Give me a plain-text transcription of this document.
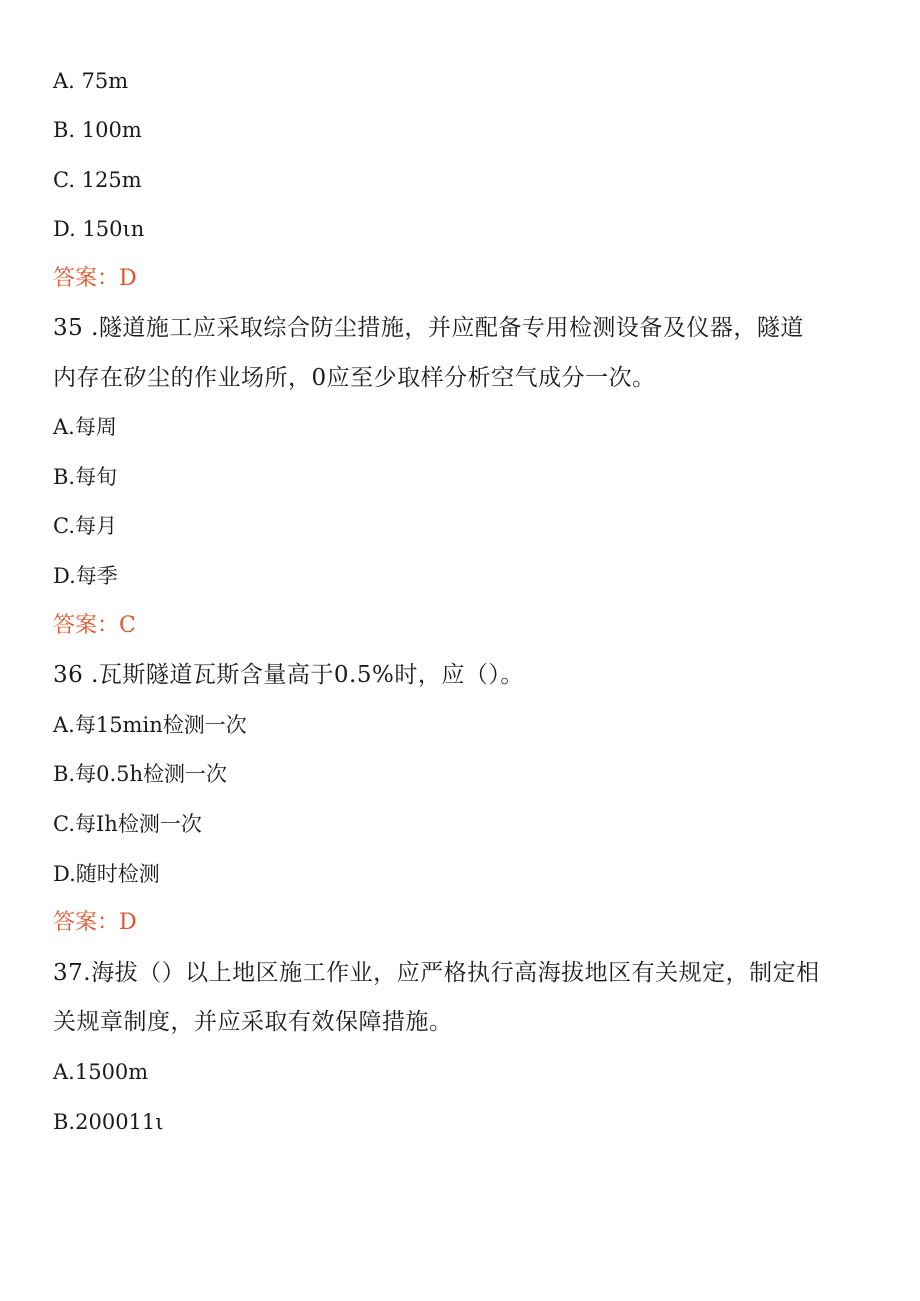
A. 75m
B. 100m
C. 125m
D. 150ιn
答案：D
35 .隧道施工应采取综合防尘措施，并应配备专用检测设备及仪器，隧道
内存在矽尘的作业场所，0应至少取样分析空气成分一次。
A.每周
B.每旬
C.每月
D.每季
答案：C
36 .瓦斯隧道瓦斯含量高于0.5%时，应（）。
A.每15min检测一次
B.每0.5h检测一次
C.每Ih检测一次
D.随时检测
答案：D
37.海拔（）以上地区施工作业，应严格执行高海拔地区有关规定，制定相
关规章制度，并应采取有效保障措施。
A.1500m
B.200011ι
